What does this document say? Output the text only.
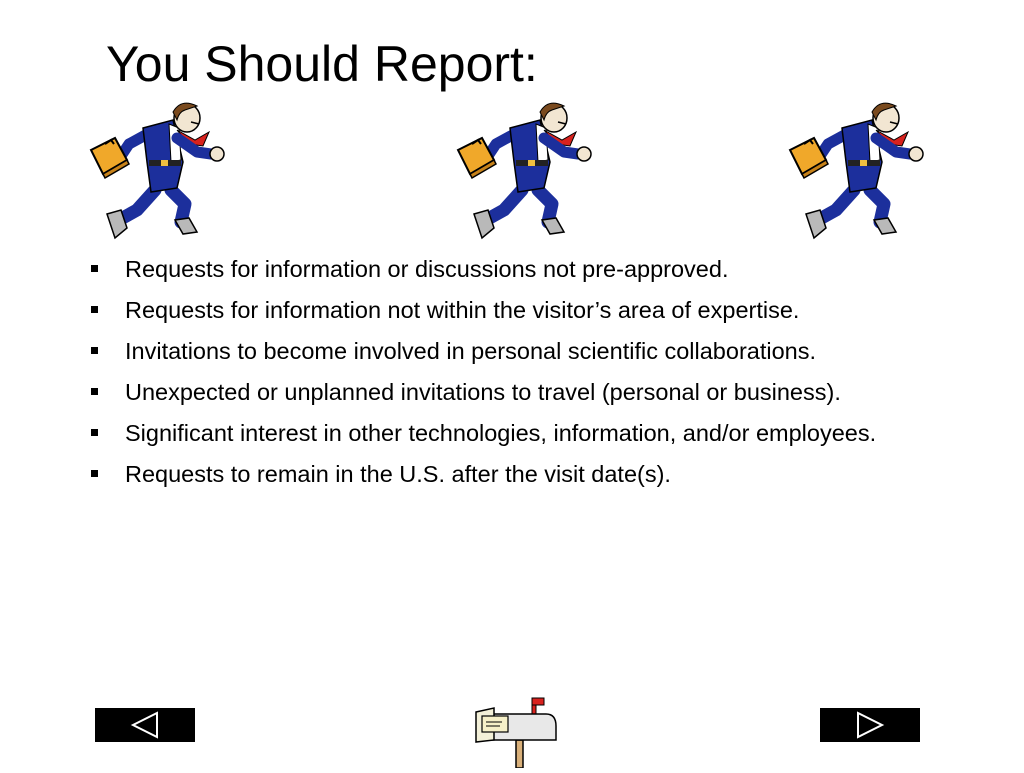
You Should Report:
Requests for information or discussions not pre-approved.
Requests for information not within the visitor’s area of expertise.
Invitations to become involved in personal scientific collaborations.
Unexpected or unplanned invitations to travel (personal or business).
Significant interest in other technologies, information, and/or employees.
Requests to remain in the U.S. after the visit date(s).
